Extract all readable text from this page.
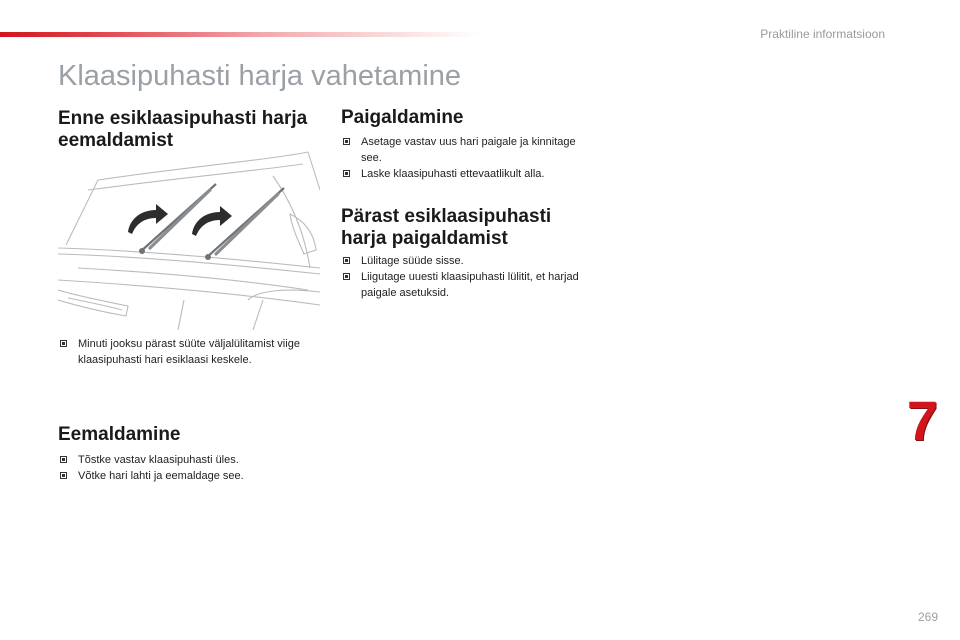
Praktiline informatsioon
Klaasipuhasti harja vahetamine
Enne esiklaasipuhasti harja eemaldamist
Minuti jooksu pärast süüte väljalülitamist viige klaasipuhasti hari esiklaasi keskele.
Eemaldamine
Tõstke vastav klaasipuhasti üles.
Võtke hari lahti ja eemaldage see.
Paigaldamine
Asetage vastav uus hari paigale ja kinnitage see.
Laske klaasipuhasti ettevaatlikult alla.
Pärast esiklaasipuhasti harja paigaldamist
Lülitage süüde sisse.
Liigutage uuesti klaasipuhasti lülitit, et harjad paigale asetuksid.
7
269
